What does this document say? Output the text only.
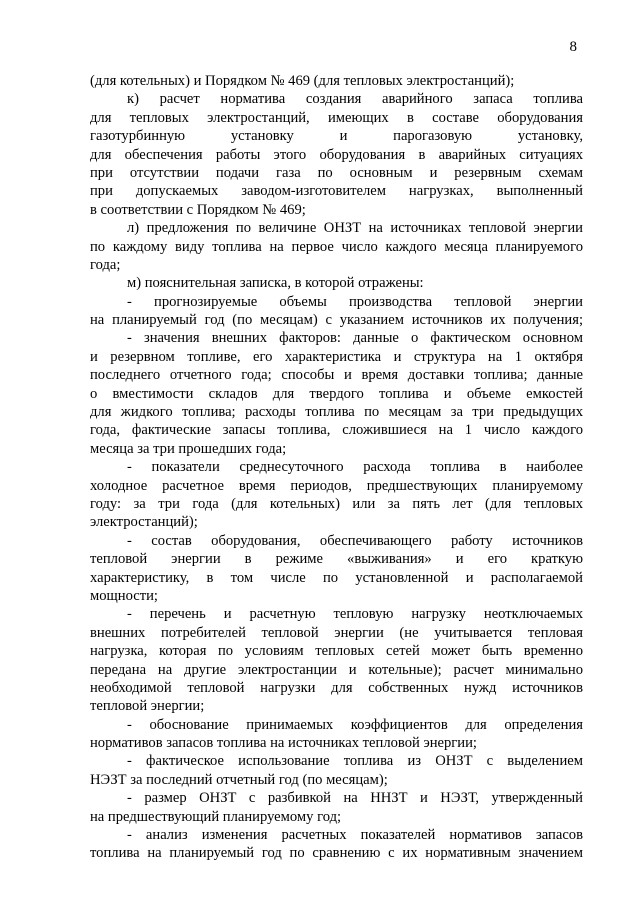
8
(для котельных) и Порядком № 469 (для тепловых электростанций);
к) расчет норматива создания аварийного запаса топлива
для тепловых электростанций, имеющих в составе оборудования
газотурбинную установку и парогазовую установку,
для обеспечения работы этого оборудования в аварийных ситуациях
при отсутствии подачи газа по основным и резервным схемам
при допускаемых заводом-изготовителем нагрузках, выполненный
в соответствии с Порядком № 469;
л) предложения по величине ОНЗТ на источниках тепловой энергии
по каждому виду топлива на первое число каждого месяца планируемого
года;
м) пояснительная записка, в которой отражены:
- прогнозируемые объемы производства тепловой энергии
на планируемый год (по месяцам) с указанием источников их получения;
- значения внешних факторов: данные о фактическом основном
и резервном топливе, его характеристика и структура на 1 октября
последнего отчетного года; способы и время доставки топлива; данные
о вместимости складов для твердого топлива и объеме емкостей
для жидкого топлива; расходы топлива по месяцам за три предыдущих
года, фактические запасы топлива, сложившиеся на 1 число каждого
месяца за три прошедших года;
- показатели среднесуточного расхода топлива в наиболее
холодное расчетное время периодов, предшествующих планируемому
году: за три года (для котельных) или за пять лет (для тепловых
электростанций);
- состав оборудования, обеспечивающего работу источников
тепловой энергии в режиме «выживания» и его краткую
характеристику, в том числе по установленной и располагаемой
мощности;
- перечень и расчетную тепловую нагрузку неотключаемых
внешних потребителей тепловой энергии (не учитывается тепловая
нагрузка, которая по условиям тепловых сетей может быть временно
передана на другие электростанции и котельные); расчет минимально
необходимой тепловой нагрузки для собственных нужд источников
тепловой энергии;
- обоснование принимаемых коэффициентов для определения
нормативов запасов топлива на источниках тепловой энергии;
- фактическое использование топлива из ОНЗТ с выделением
НЭЗТ за последний отчетный год (по месяцам);
- размер ОНЗТ с разбивкой на ННЗТ и НЭЗТ, утвержденный
на предшествующий планируемому год;
- анализ изменения расчетных показателей нормативов запасов
топлива на планируемый год по сравнению с их нормативным значением
